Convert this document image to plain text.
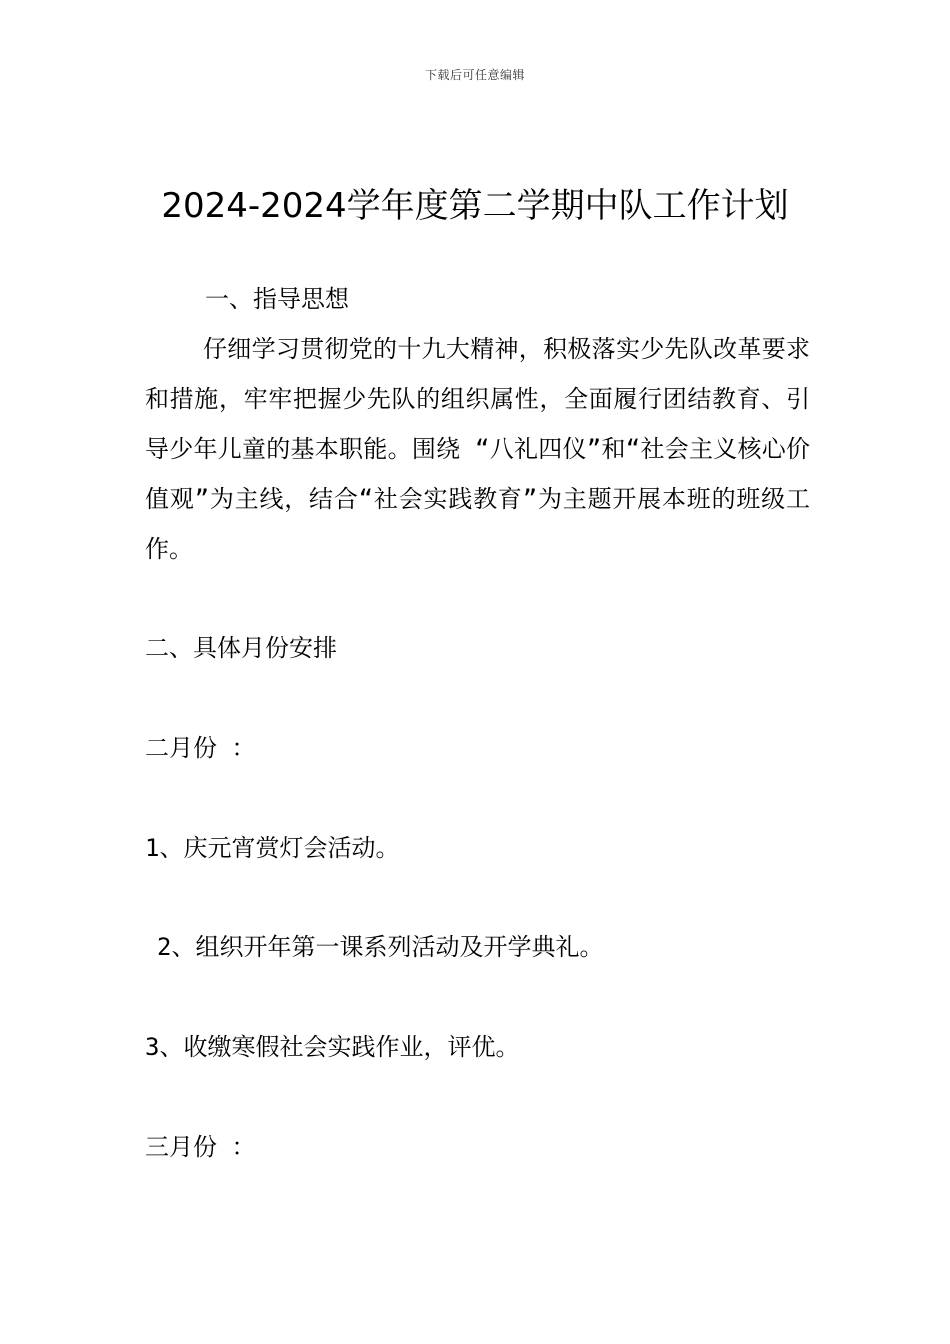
下载后可任意编辑
2024-2024学年度第二学期中队工作计划
一、指导思想

仔细学习贯彻党的十九大精神，积极落实少先队改革要求和措施，牢牢把握少先队的组织属性，全面履行团结教育、引导少年儿童的基本职能。围绕 “八礼四仪”和“社会主义核心价值观”为主线，结合“社会实践教育”为主题开展本班的班级工作。

二、具体月份安排
二月份 ：
1、庆元宵赏灯会活动。
2、组织开年第一课系列活动及开学典礼。
3、收缴寒假社会实践作业，评优。
三月份 ：
